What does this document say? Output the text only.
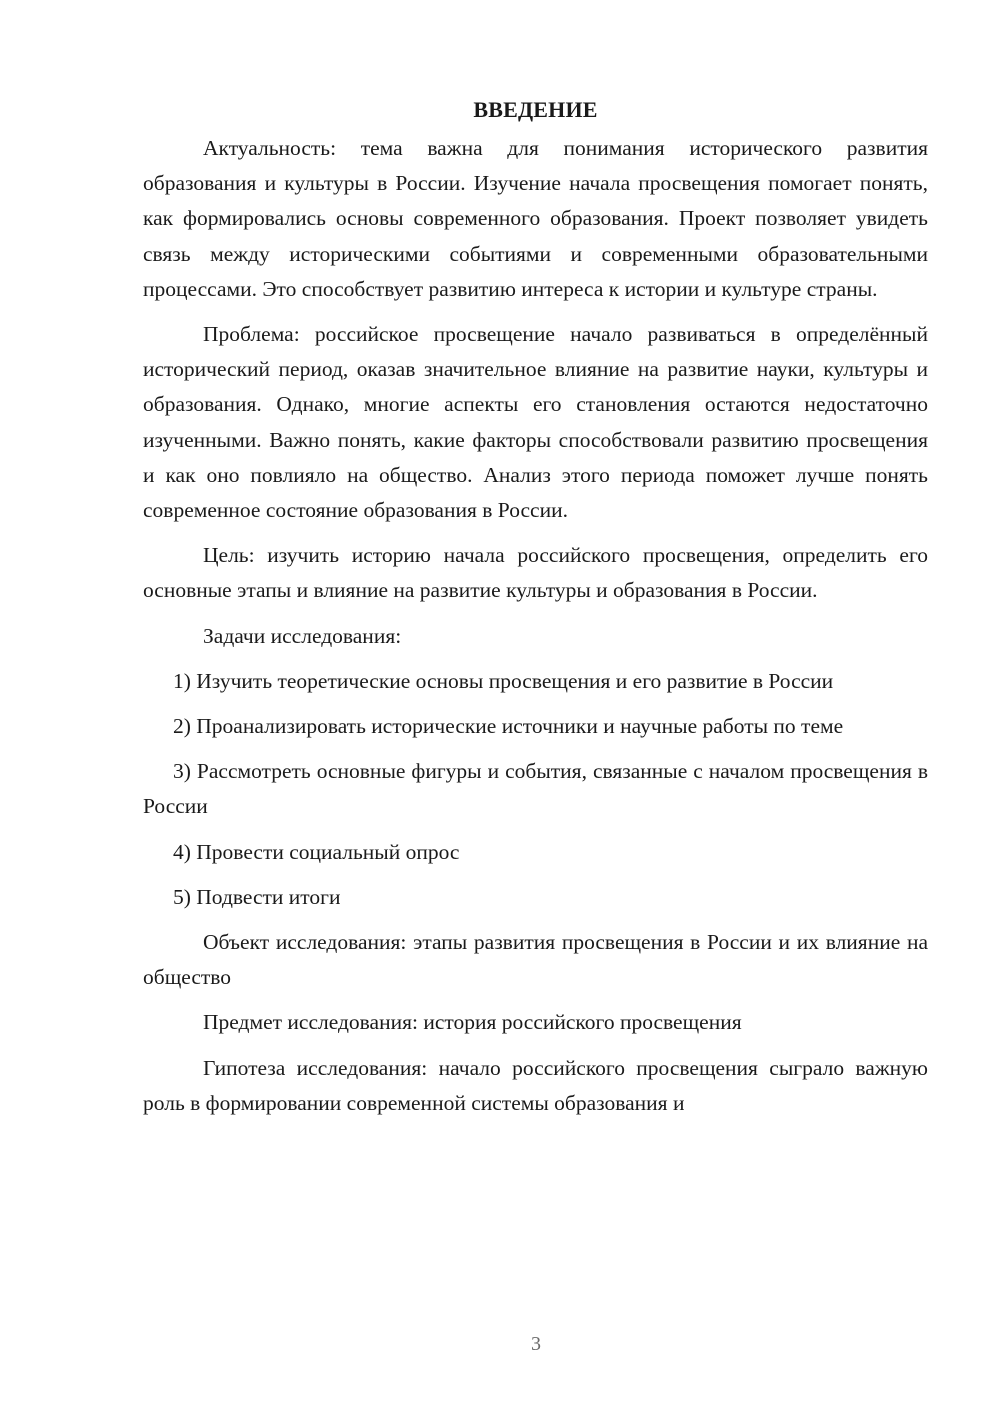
ВВЕДЕНИЕ

Актуальность: тема важна для понимания исторического развития образования и культуры в России. Изучение начала просвещения помогает понять, как формировались основы современного образования. Проект позволяет увидеть связь между историческими событиями и современными образовательными процессами. Это способствует развитию интереса к истории и культуре страны.

Проблема: российское просвещение начало развиваться в определённый исторический период, оказав значительное влияние на развитие науки, культуры и образования. Однако, многие аспекты его становления остаются недостаточно изученными. Важно понять, какие факторы способствовали развитию просвещения и как оно повлияло на общество. Анализ этого периода поможет лучше понять современное состояние образования в России.

Цель: изучить историю начала российского просвещения, определить его основные этапы и влияние на развитие культуры и образования в России.

Задачи исследования:

1) Изучить теоретические основы просвещения и его развитие в России

2) Проанализировать исторические источники и научные работы по теме

3) Рассмотреть основные фигуры и события, связанные с началом просвещения в России

4) Провести социальный опрос

5) Подвести итоги

Объект исследования: этапы развития просвещения в России и их влияние на общество

Предмет исследования: история российского просвещения

Гипотеза исследования: начало российского просвещения сыграло важную роль в формировании современной системы образования и

3
